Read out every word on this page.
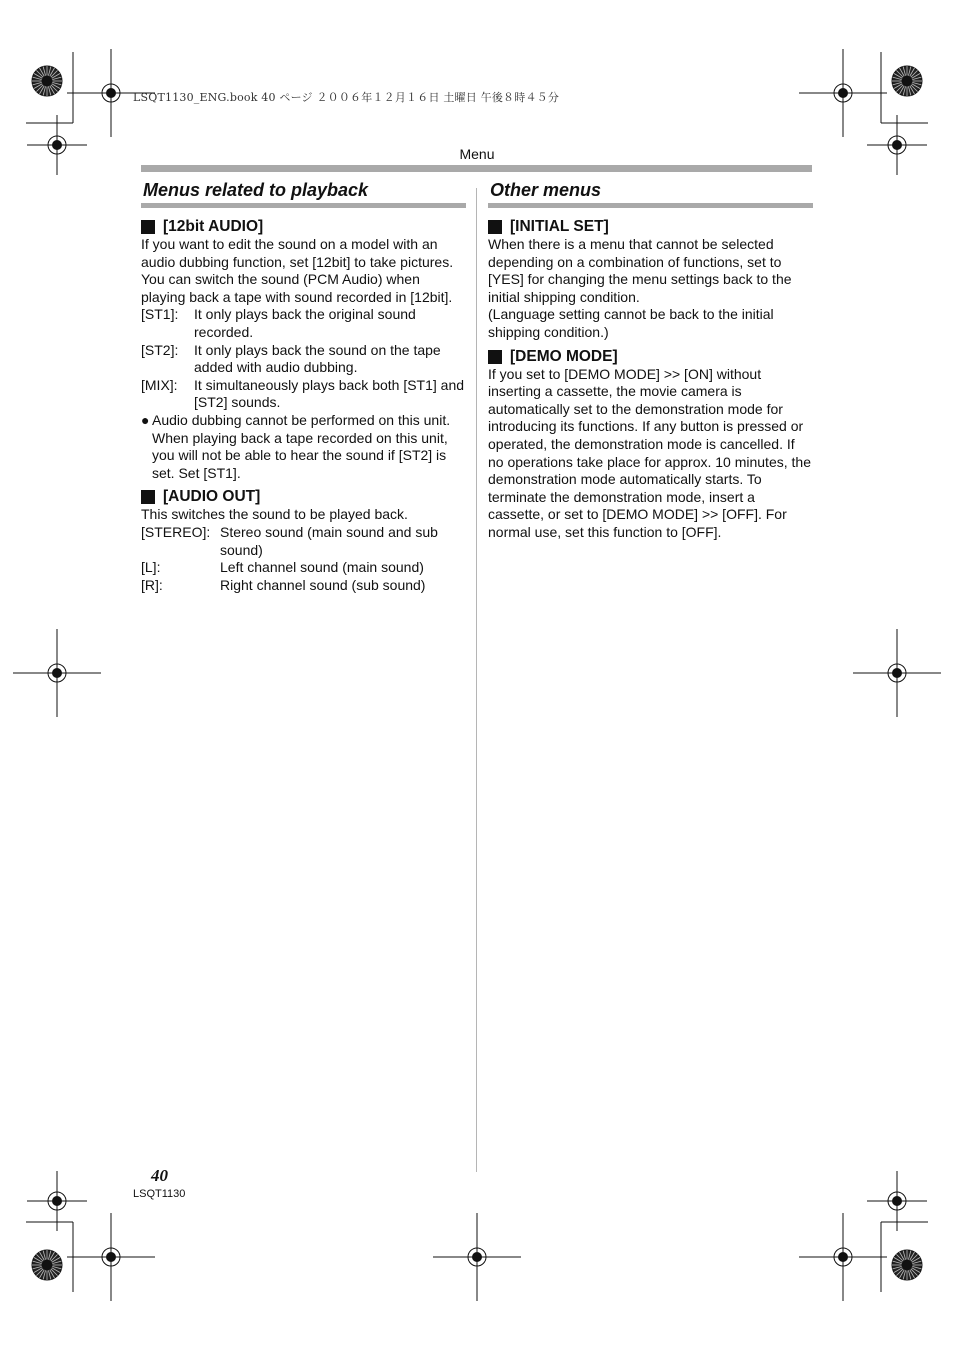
LSQT1130_ENG.book 40 ページ ２００６年１２月１６日 土曜日 午後８時４５分
Menu
Menus related to playback
[12bit AUDIO]

If you want to edit the sound on a model with an audio dubbing function, set [12bit] to take pictures.

You can switch the sound (PCM Audio) when playing back a tape with sound recorded in [12bit].

[ST1]:	It only plays back the original sound recorded.
[ST2]:	It only plays back the sound on the tape added with audio dubbing.
[MIX]:	It simultaneously plays back both [ST1] and [ST2] sounds.
● Audio dubbing cannot be performed on this unit. When playing back a tape recorded on this unit, you will not be able to hear the sound if [ST2] is set. Set [ST1].
[AUDIO OUT]

This switches the sound to be played back.

[STEREO]: Stereo sound (main sound and sub sound)
[L]:	Left channel sound (main sound)
[R]:	Right channel sound (sub sound)
Other menus
[INITIAL SET]

When there is a menu that cannot be selected depending on a combination of functions, set to [YES] for changing the menu settings back to the initial shipping condition.

(Language setting cannot be back to the initial shipping condition.)

[DEMO MODE]

If you set to [DEMO MODE] >> [ON] without inserting a cassette, the movie camera is automatically set to the demonstration mode for introducing its functions. If any button is pressed or operated, the demonstration mode is cancelled. If no operations take place for approx. 10 minutes, the demonstration mode automatically starts. To terminate the demonstration mode, insert a cassette, or set to [DEMO MODE] >> [OFF]. For normal use, set this function to [OFF].

40
LSQT1130
